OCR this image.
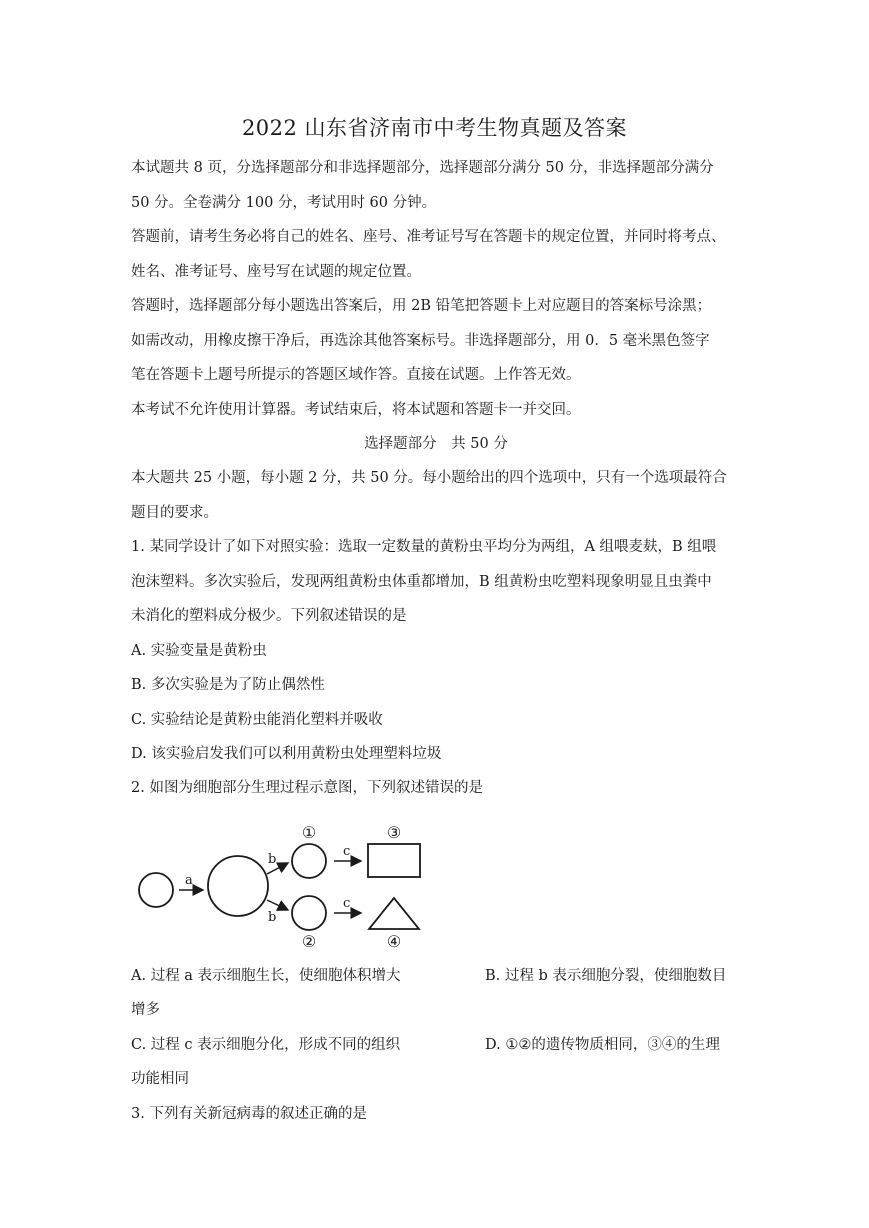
2022 山东省济南市中考生物真题及答案
本试题共 8 页，分选择题部分和非选择题部分，选择题部分满分 50 分，非选择题部分满分
50 分。全卷满分 100 分，考试用时 60 分钟。
答题前，请考生务必将自己的姓名、座号、准考证号写在答题卡的规定位置，并同时将考点、
姓名、准考证号、座号写在试题的规定位置。
答题时，选择题部分每小题选出答案后，用 2B 铅笔把答题卡上对应题目的答案标号涂黑；
如需改动，用橡皮擦干净后，再选涂其他答案标号。非选择题部分，用 0．5 毫米黑色签字
笔在答题卡上题号所提示的答题区域作答。直接在试题。上作答无效。
本考试不允许使用计算器。考试结束后，将本试题和答题卡一并交回。
选择题部分　共 50 分
本大题共 25 小题，每小题 2 分，共 50 分。每小题给出的四个选项中，只有一个选项最符合
题目的要求。
1. 某同学设计了如下对照实验：选取一定数量的黄粉虫平均分为两组，A 组喂麦麸，B 组喂
泡沫塑料。多次实验后，发现两组黄粉虫体重都增加，B 组黄粉虫吃塑料现象明显且虫粪中
未消化的塑料成分极少。下列叙述错误的是
A. 实验变量是黄粉虫
B. 多次实验是为了防止偶然性
C. 实验结论是黄粉虫能消化塑料并吸收
D. 该实验启发我们可以利用黄粉虫处理塑料垃圾
2. 如图为细胞部分生理过程示意图，下列叙述错误的是
a
b
b
①
②
c
c
③
④
A. 过程 a 表示细胞生长，使细胞体积增大	B. 过程 b 表示细胞分裂，使细胞数目
增多
C. 过程 c 表示细胞分化，形成不同的组织	D. ①②的遗传物质相同，③④的生理
功能相同
3. 下列有关新冠病毒的叙述正确的是
